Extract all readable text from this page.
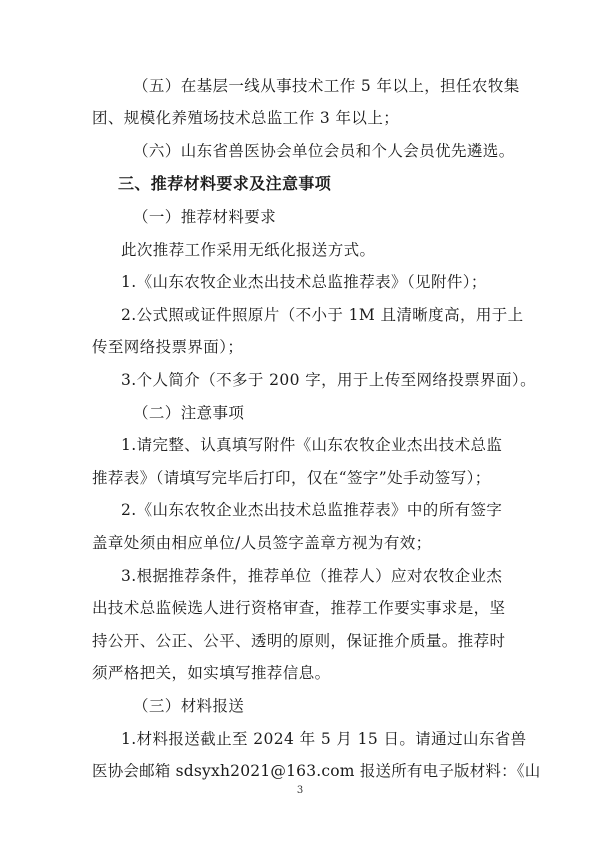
（五）在基层一线从事技术工作 5 年以上，担任农牧集
团、规模化养殖场技术总监工作 3 年以上；
（六）山东省兽医协会单位会员和个人会员优先遴选。
三、推荐材料要求及注意事项
（一）推荐材料要求
此次推荐工作采用无纸化报送方式。
1.《山东农牧企业杰出技术总监推荐表》（见附件）；
2.公式照或证件照原片（不小于 1M 且清晰度高，用于上
传至网络投票界面）；
3.个人简介（不多于 200 字，用于上传至网络投票界面）。
（二）注意事项
1.请完整、认真填写附件《山东农牧企业杰出技术总监
推荐表》（请填写完毕后打印，仅在“签字”处手动签写）；
2.《山东农牧企业杰出技术总监推荐表》中的所有签字
盖章处须由相应单位/人员签字盖章方视为有效；
3.根据推荐条件，推荐单位（推荐人）应对农牧企业杰
出技术总监候选人进行资格审查，推荐工作要实事求是，坚
持公开、公正、公平、透明的原则，保证推介质量。推荐时
须严格把关，如实填写推荐信息。
（三）材料报送
1.材料报送截止至 2024 年 5 月 15 日。请通过山东省兽
医协会邮箱 sdsyxh2021@163.com 报送所有电子版材料：《山
3
